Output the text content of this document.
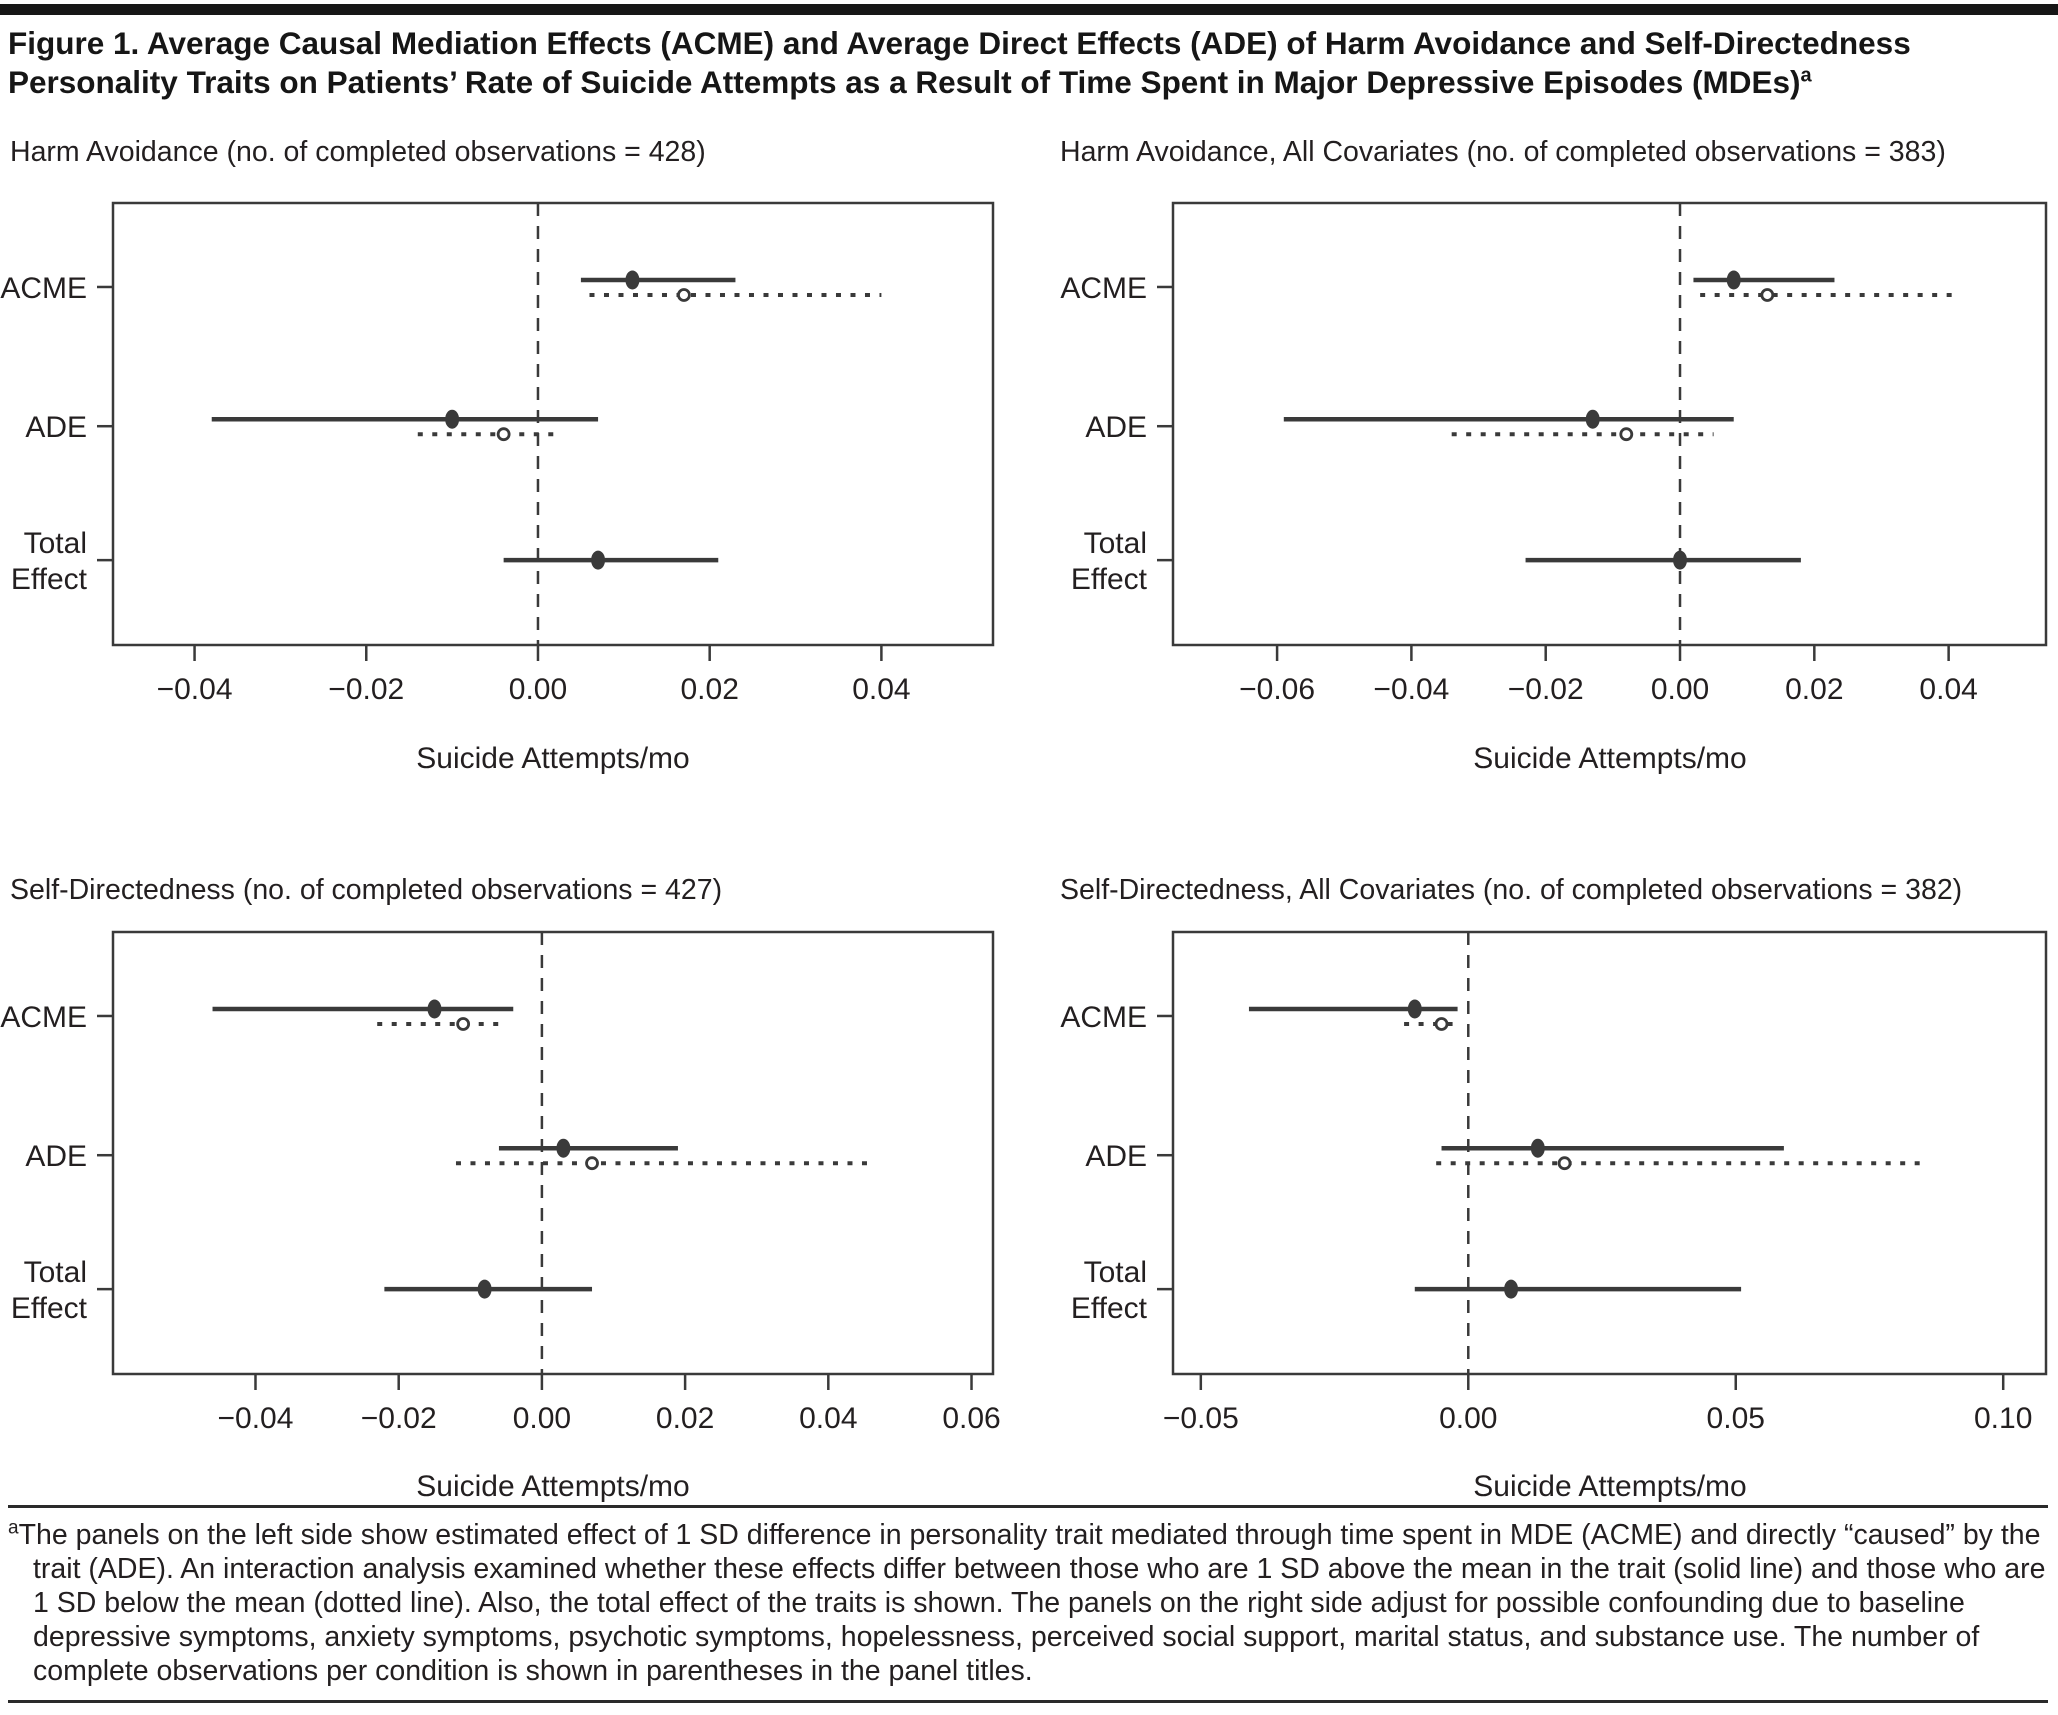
Figure 1. Average Causal Mediation Effects (ACME) and Average Direct Effects (ADE) of Harm Avoidance and Self-Directedness
Personality Traits on Patients’ Rate of Suicide Attempts as a Result of Time Spent in Major Depressive Episodes (MDEs)$^a$
Harm Avoidance (no. of completed observations = 428)	Harm Avoidance, All Covariates (no. of completed observations = 383)
Self-Directedness (no. of completed observations = 427)	Self-Directedness, All Covariates (no. of completed observations = 382)
−0.04	−0.02	0.00	0.02	0.04
ACME
ADE
Total
Effect
−0.06 −0.04 −0.02 0.00	0.02	0.04
ACME
ADE
Total
Effect
−0.04 −0.02	0.00	0.02	0.04	0.06
ACME
ADE
Total
Effect
−0.05	0.00	0.05	0.10
ACME
ADE
Total
Effect
Suicide Attempts/mo	Suicide Attempts/mo
Suicide Attempts/mo	Suicide Attempts/mo

$^a$The panels on the left side show estimated effect of 1 SD difference in personality trait mediated through time spent in MDE (ACME) and directly “caused” by the trait (ADE). An interaction analysis examined whether these effects differ between those who are 1 SD above the mean in the trait (solid line) and those who are 1 SD below the mean (dotted line). Also, the total effect of the traits is shown. The panels on the right side adjust for possible confounding due to baseline depressive symptoms, anxiety symptoms, psychotic symptoms, hopelessness, perceived social support, marital status, and substance use. The number of complete observations per condition is shown in parentheses in the panel titles.
